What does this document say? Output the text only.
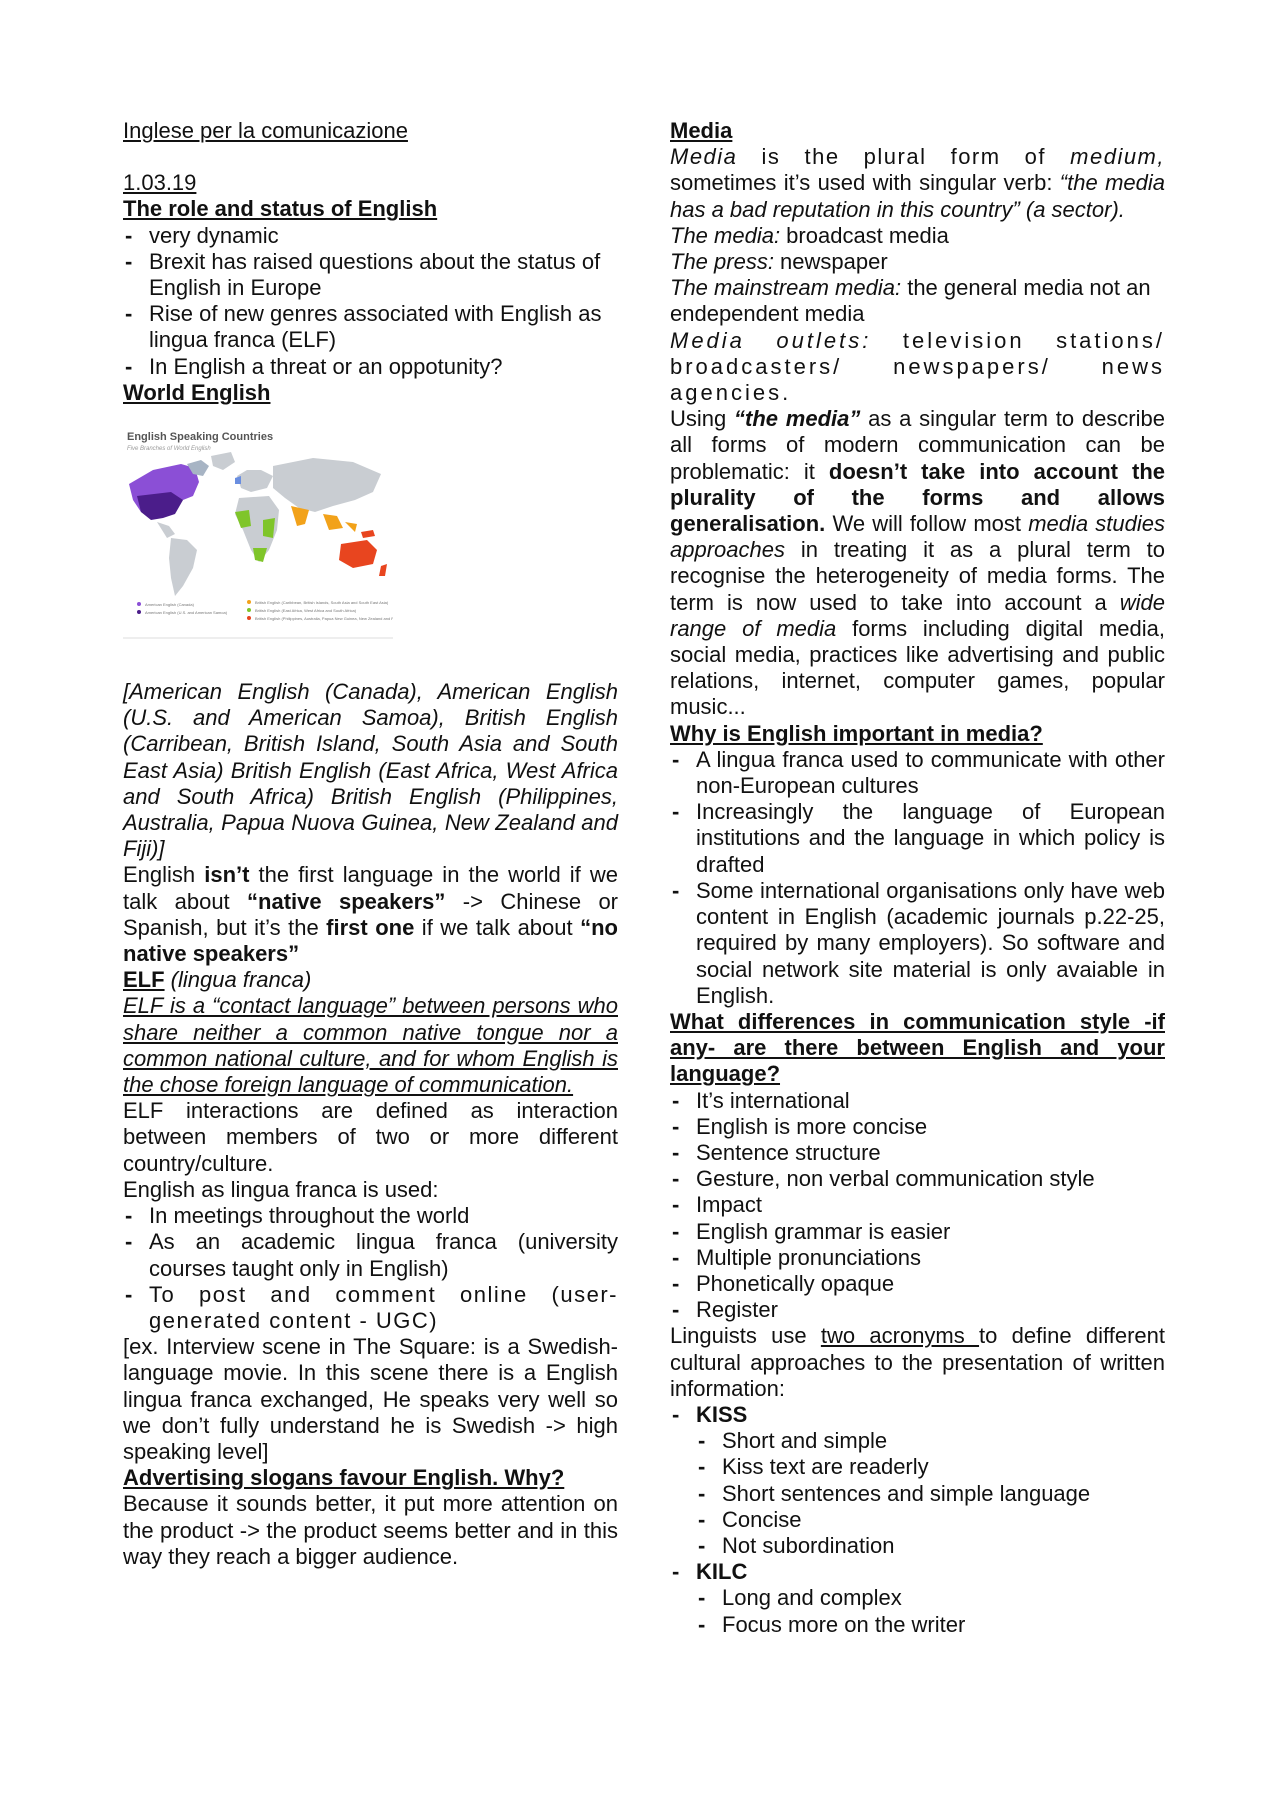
Inglese per la comunicazione

1.03.19

The role and status of English

- very dynamic
- Brexit has raised questions about the status of English in Europe
- Rise of new genres associated with English as lingua franca (ELF)
- In English a threat or an oppotunity?

World English

English Speaking Countries
Five Branches of World English
American English (Canada)
American English (U.S. and American Samoa)
British English (Caribbean, British Islands, South Asia and South East Asia)
British English (East Africa, West Africa and South Africa)
British English (Philippines, Australia, Papua New Guinea, New Zealand and Fiji)

[American English (Canada), American English (U.S. and American Samoa), British English (Carribean, British Island, South Asia and South East Asia) British English (East Africa, West Africa and South Africa) British English (Philippines, Australia, Papua Nuova Guinea, New Zealand and Fiji)]

English isn’t the first language in the world if we talk about “native speakers” -> Chinese or Spanish, but it’s the first one if we talk about “no native speakers”

ELF (lingua franca)

ELF is a “contact language” between persons who share neither a common native tongue nor a common national culture, and for whom English is the chose foreign language of communication.

ELF interactions are defined as interaction between members of two or more different country/culture.

English as lingua franca is used:

- In meetings throughout the world
- As an academic lingua franca (university courses taught only in English)
- To post and comment online (user-generated content - UGC)

[ex. Interview scene in The Square: is a Swedish- language movie. In this scene there is a English lingua franca exchanged, He speaks very well so we don’t fully understand he is Swedish -> high speaking level]

Advertising slogans favour English. Why?

Because it sounds better, it put more attention on the product -> the product seems better and in this way they reach a bigger audience.

Media

Media is the plural form of medium, sometimes it’s used with singular verb: “the media has a bad reputation in this country” (a sector).

The media: broadcast media

The press: newspaper

The mainstream media: the general media not an endependent media

Media outlets: television stations/ broadcasters/ newspapers/ news agencies.

Using “the media” as a singular term to describe all forms of modern communication can be problematic: it doesn’t take into account the plurality of the forms and allows generalisation. We will follow most media studies approaches in treating it as a plural term to recognise the heterogeneity of media forms. The term is now used to take into account a wide range of media forms including digital media, social media, practices like advertising and public relations, internet, computer games, popular music...

Why is English important in media?

- A lingua franca used to communicate with other non-European cultures
- Increasingly the language of European institutions and the language in which policy is drafted
- Some international organisations only have web content in English (academic journals p.22-25, required by many employers). So software and social network site material is only avaiable in English.

What differences in communication style -if any- are there between English and your language?

- It’s international
- English is more concise
- Sentence structure
- Gesture, non verbal communication style
- Impact
- English grammar is easier
- Multiple pronunciations
- Phonetically opaque
- Register

Linguists use two acronyms to define different cultural approaches to the presentation of written information:

- KISS
- Short and simple
- Kiss text are readerly
- Short sentences and simple language
- Concise
- Not subordination
- KILC
- Long and complex
- Focus more on the writer
